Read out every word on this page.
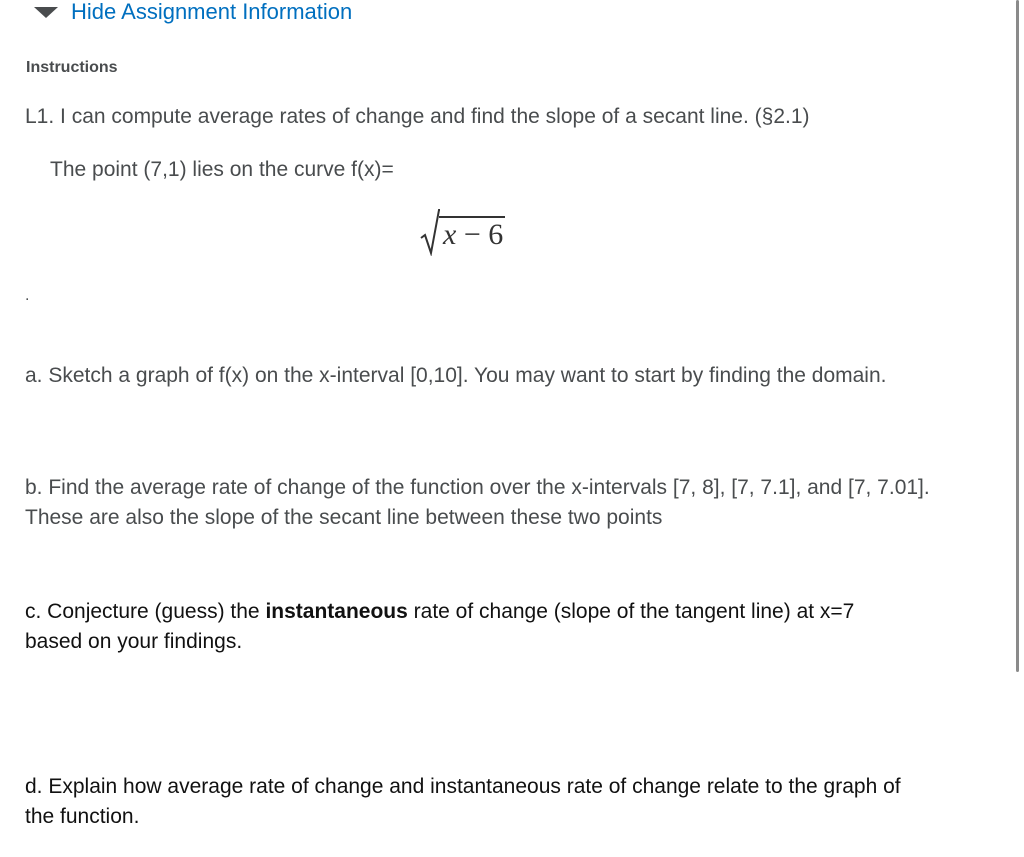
Hide Assignment Information
Instructions

L1. I can compute average rates of change and find the slope of a secant line. (§2.1)

The point (7,1) lies on the curve f(x)=

x − 6
.

a. Sketch a graph of f(x) on the x-interval [0,10]. You may want to start by finding the domain.

b. Find the average rate of change of the function over the x-intervals [7, 8], [7, 7.1], and [7, 7.01]. These are also the slope of the secant line between these two points

c. Conjecture (guess) the instantaneous rate of change (slope of the tangent line) at x=7 based on your findings.

d. Explain how average rate of change and instantaneous rate of change relate to the graph of the function.
